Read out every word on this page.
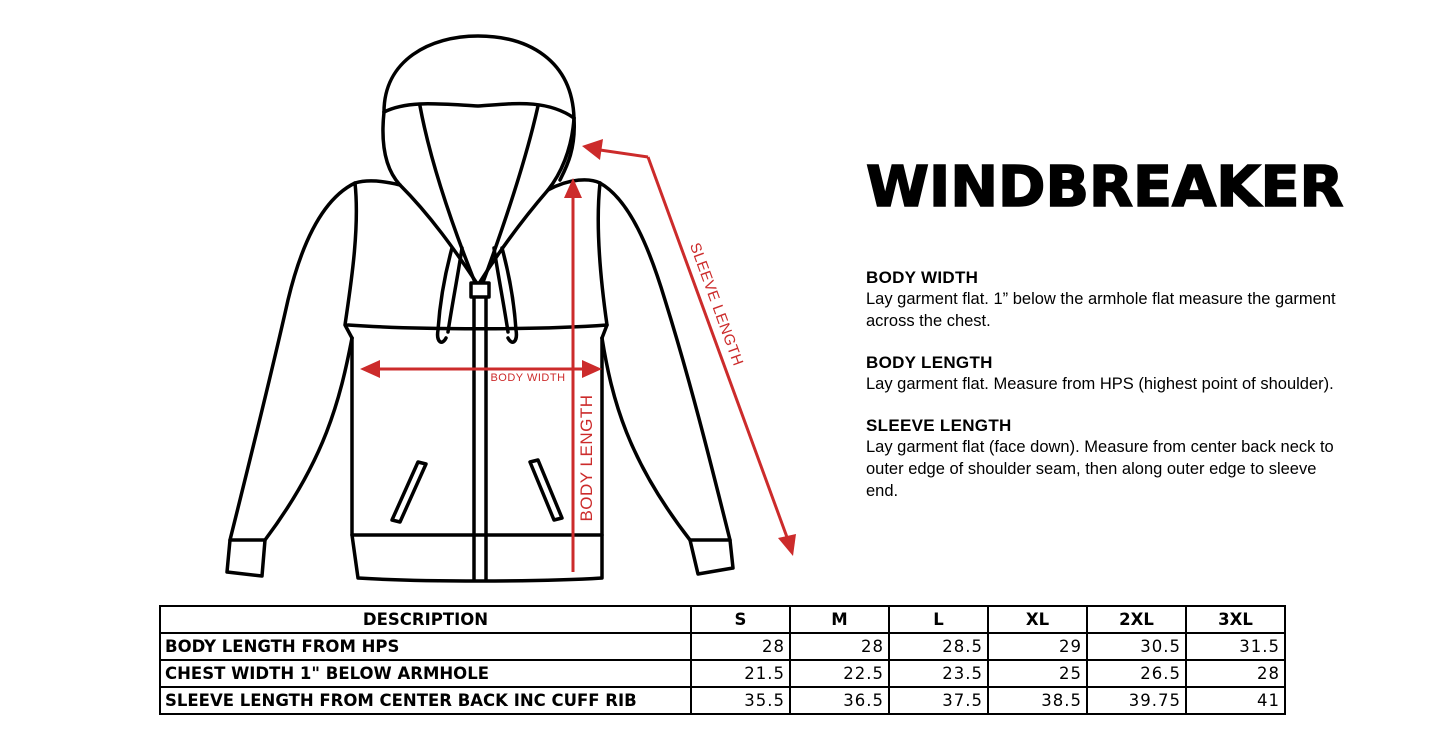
BODY WIDTH
BODY LENGTH
SLEEVE LENGTH
WINDBREAKER
BODY WIDTH
Lay garment flat. 1” below the armhole flat measure the garment across the chest.
BODY LENGTH
Lay garment flat. Measure from HPS (highest point of shoulder).
SLEEVE LENGTH
Lay garment flat (face down). Measure from center back neck to outer edge of shoulder seam, then along outer edge to sleeve end.
DESCRIPTION	S	M	L	XL	2XL	3XL
BODY LENGTH FROM HPS	28	28	28.5	29	30.5	31.5
CHEST WIDTH 1" BELOW ARMHOLE	21.5	22.5	23.5	25	26.5	28
SLEEVE LENGTH FROM CENTER BACK INC CUFF RIB	35.5	36.5	37.5	38.5	39.75	41
